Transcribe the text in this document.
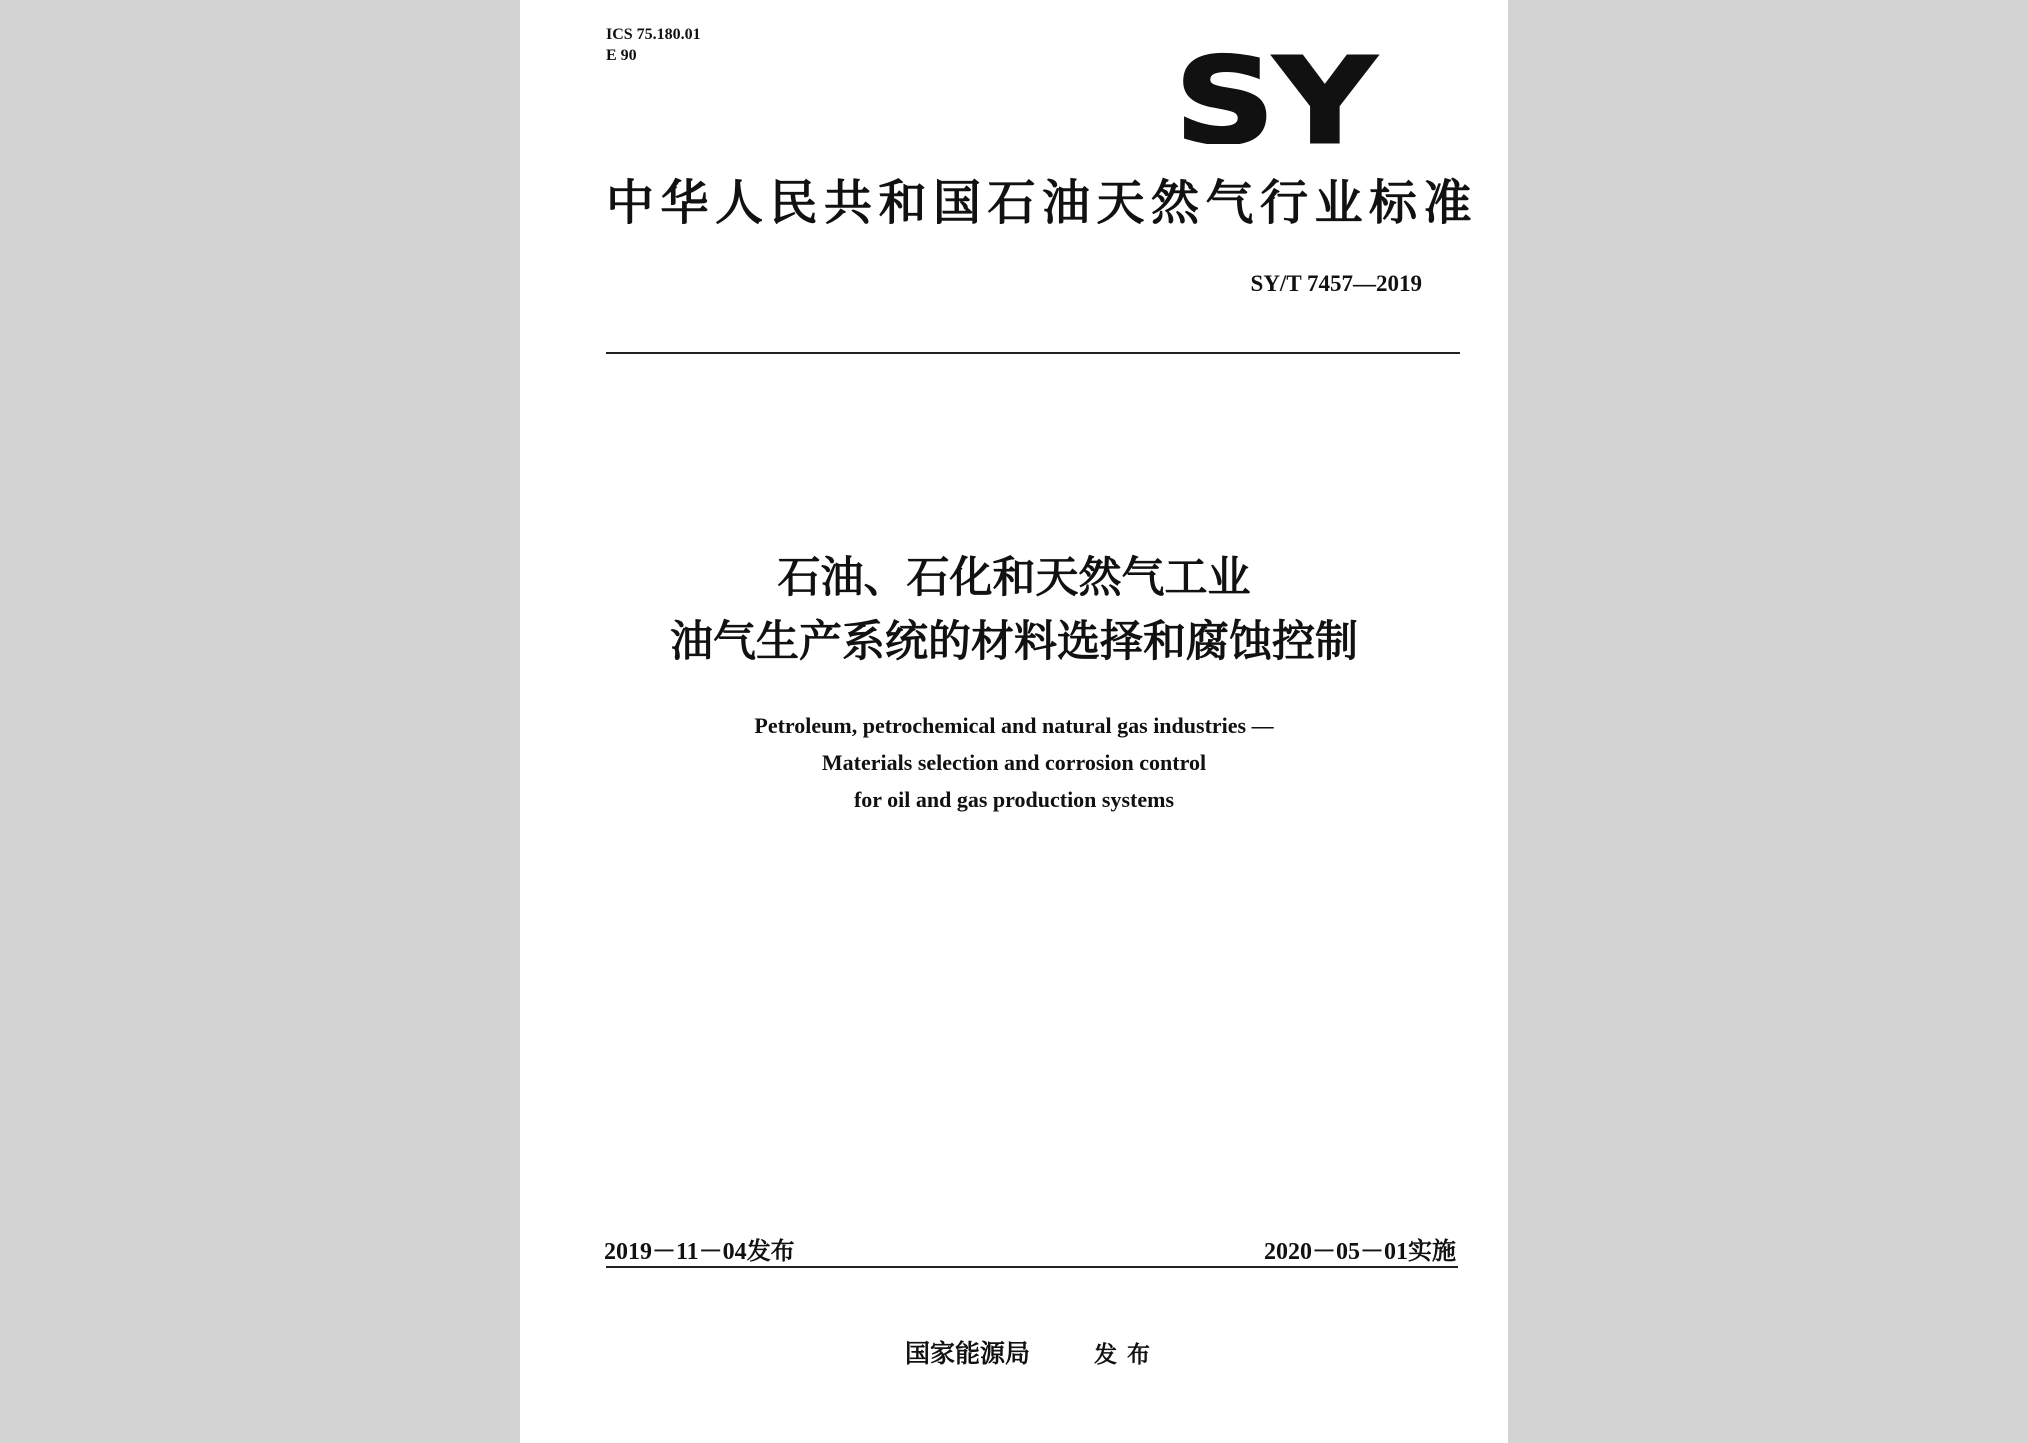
ICS 75.180.01
E 90	SY
中华人民共和国石油天然气行业标准
SY/T 7457—2019
石油、石化和天然气工业
油气生产系统的材料选择和腐蚀控制
Petroleum, petrochemical and natural gas industries —
Materials selection and corrosion control
for oil and gas production systems
2019－11－04发布	2020－05－01实施
国家能源局	发布
